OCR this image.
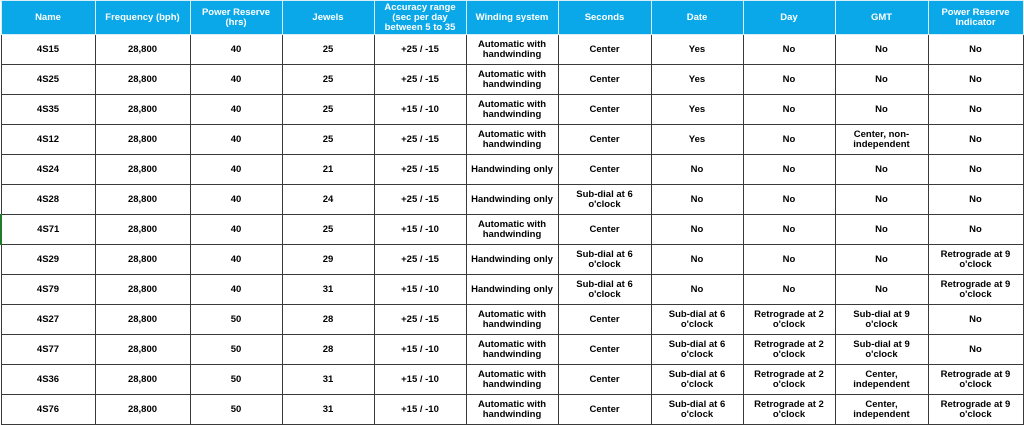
Name	Frequency (bph)	Power Reserve (hrs)	Jewels	Accuracy range (sec per day between 5 to 35	Winding system	Seconds	Date	Day	GMT	Power Reserve Indicator
4S15	28,800	40	25	+25 / -15	Automatic with handwinding	Center	Yes	No	No	No
4S25	28,800	40	25	+25 / -15	Automatic with handwinding	Center	Yes	No	No	No
4S35	28,800	40	25	+15 / -10	Automatic with handwinding	Center	Yes	No	No	No
4S12	28,800	40	25	+25 / -15	Automatic with handwinding	Center	Yes	No	Center, non-independent	No
4S24	28,800	40	21	+25 / -15	Handwinding only	Center	No	No	No	No
4S28	28,800	40	24	+25 / -15	Handwinding only	Sub-dial at 6 o'clock	No	No	No	No
4S71	28,800	40	25	+15 / -10	Automatic with handwinding	Center	No	No	No	No
4S29	28,800	40	29	+25 / -15	Handwinding only	Sub-dial at 6 o'clock	No	No	No	Retrograde at 9 o'clock
4S79	28,800	40	31	+15 / -10	Handwinding only	Sub-dial at 6 o'clock	No	No	No	Retrograde at 9 o'clock
4S27	28,800	50	28	+25 / -15	Automatic with handwinding	Center	Sub-dial at 6 o'clock	Retrograde at 2 o'clock	Sub-dial at 9 o'clock	No
4S77	28,800	50	28	+15 / -10	Automatic with handwinding	Center	Sub-dial at 6 o'clock	Retrograde at 2 o'clock	Sub-dial at 9 o'clock	No
4S36	28,800	50	31	+15 / -10	Automatic with handwinding	Center	Sub-dial at 6 o'clock	Retrograde at 2 o'clock	Center, independent	Retrograde at 9 o'clock
4S76	28,800	50	31	+15 / -10	Automatic with handwinding	Center	Sub-dial at 6 o'clock	Retrograde at 2 o'clock	Center, independent	Retrograde at 9 o'clock
